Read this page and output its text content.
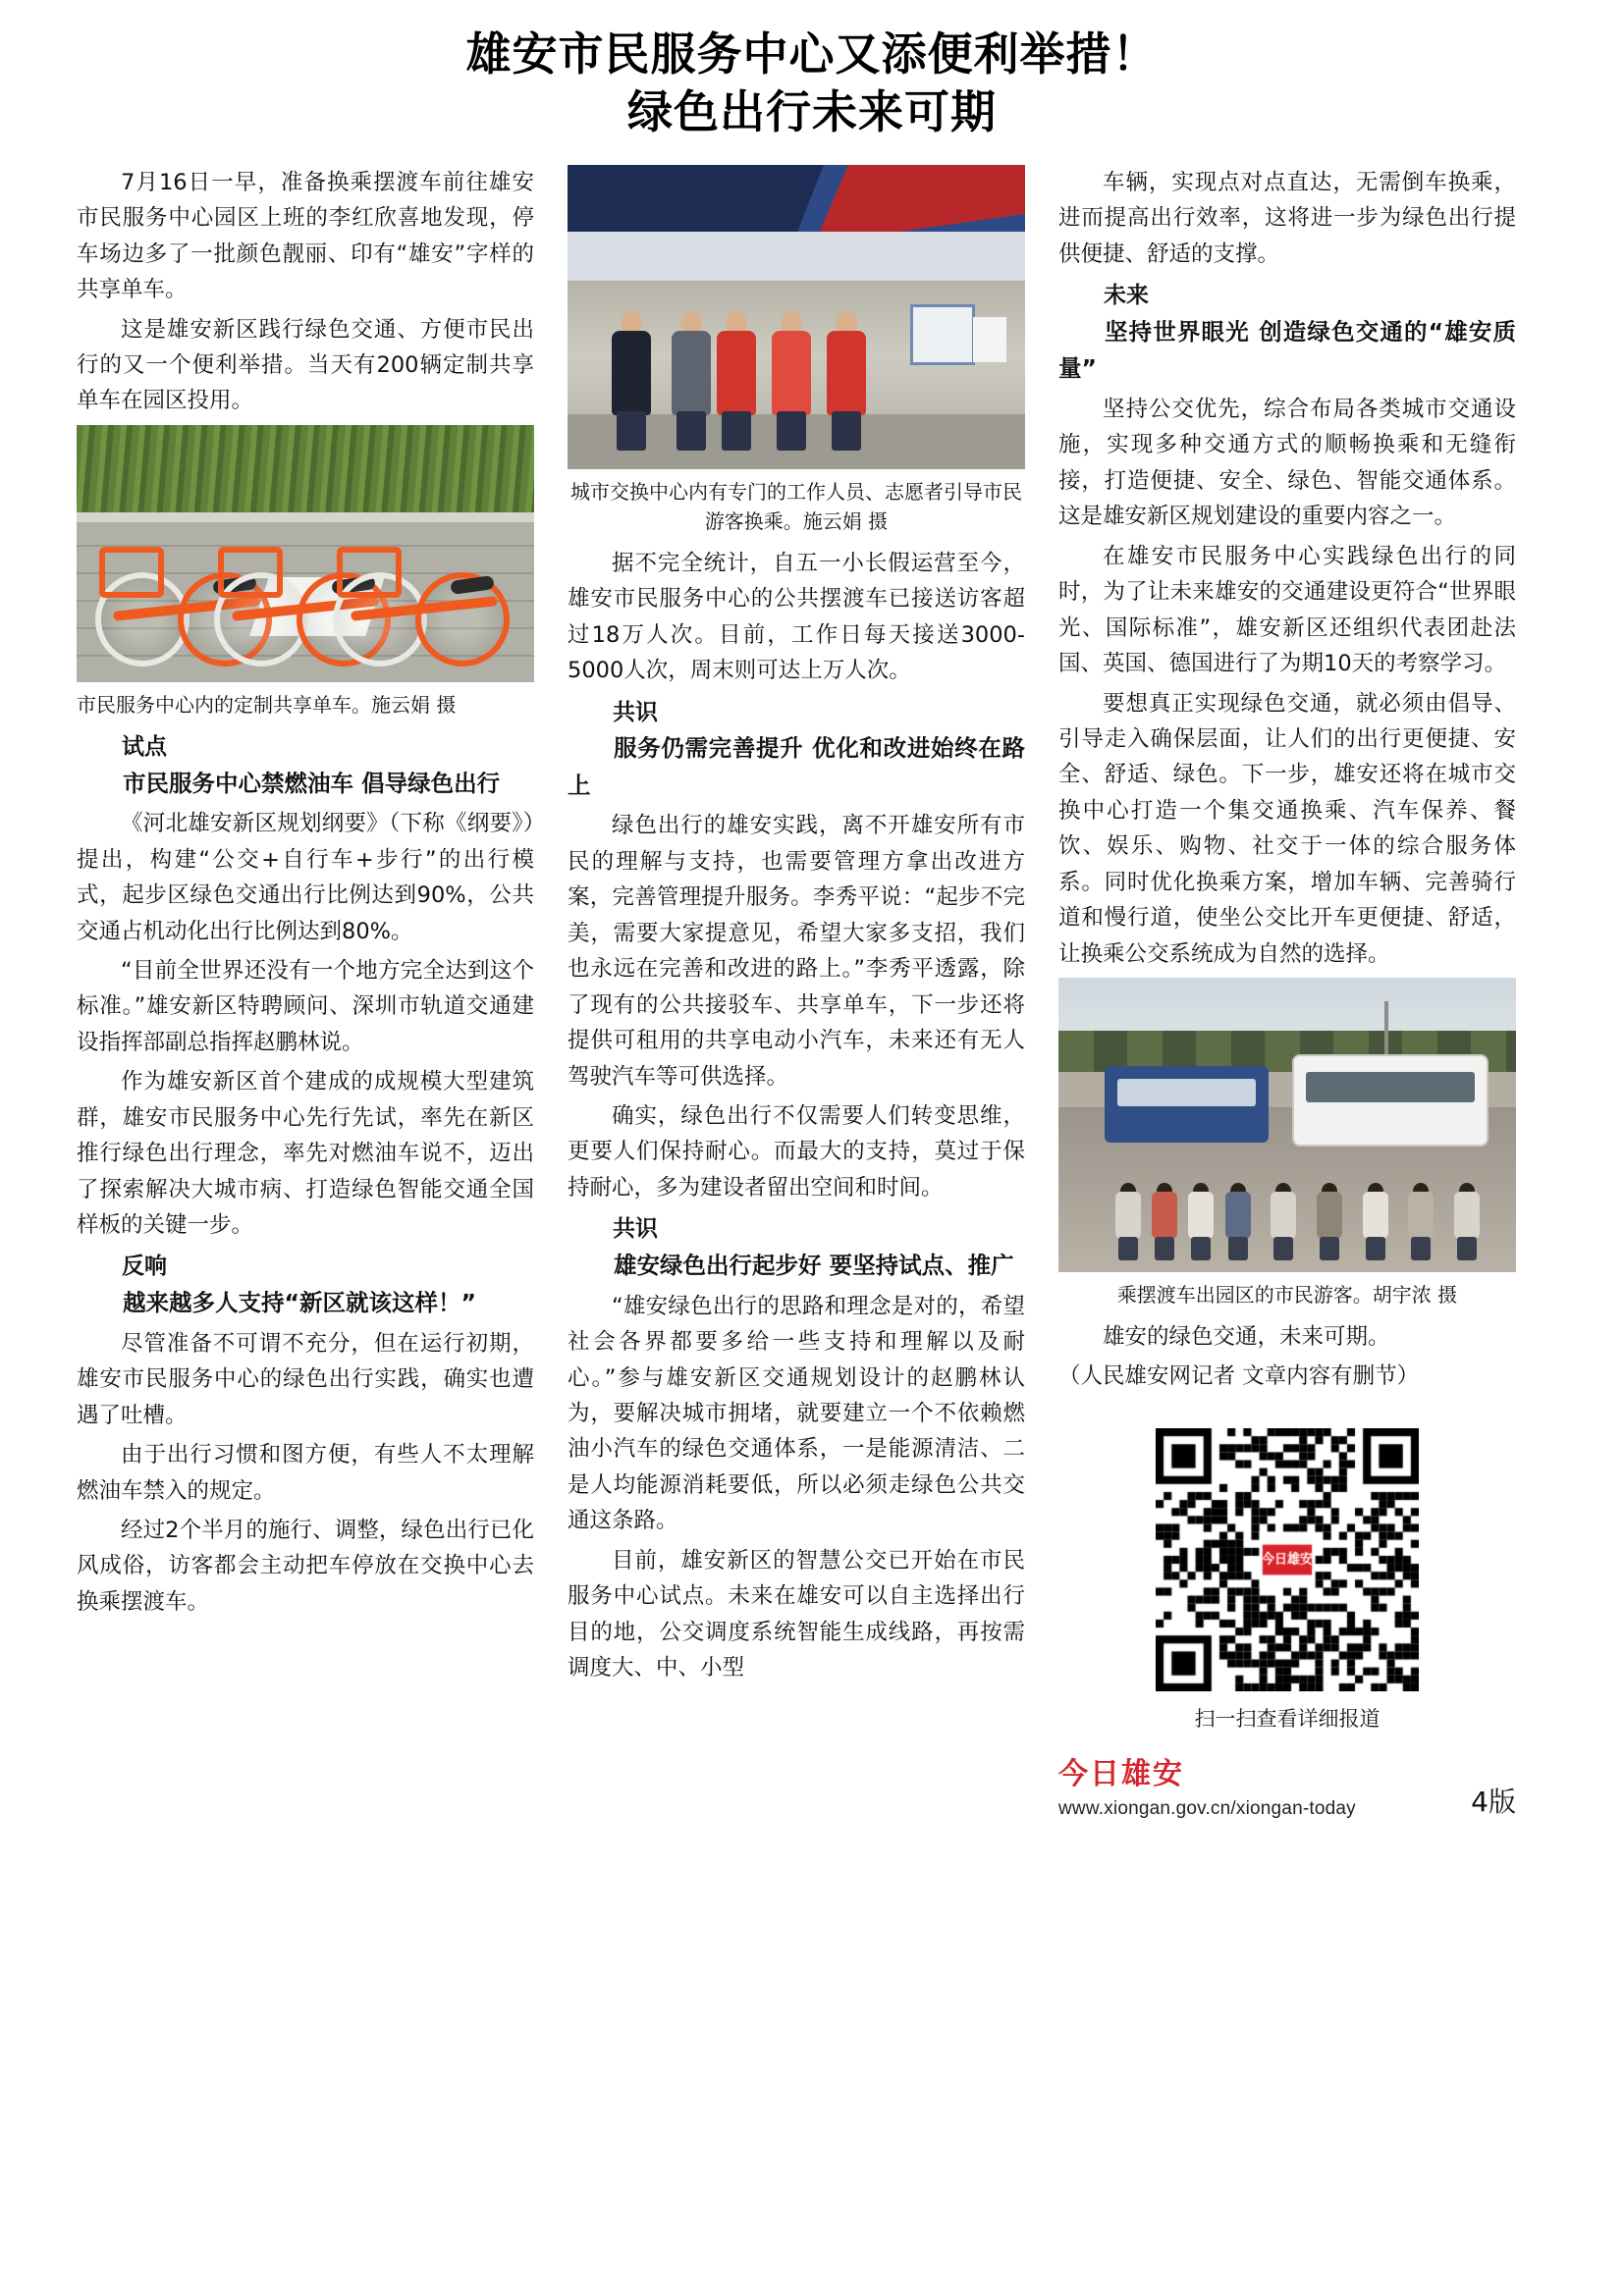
雄安市民服务中心又添便利举措！
绿色出行未来可期

7月16日一早，准备换乘摆渡车前往雄安市民服务中心园区上班的李红欣喜地发现，停车场边多了一批颜色靓丽、印有“雄安”字样的共享单车。

这是雄安新区践行绿色交通、方便市民出行的又一个便利举措。当天有200辆定制共享单车在园区投用。

市民服务中心内的定制共享单车。施云娟 摄
试点
市民服务中心禁燃油车 倡导绿色出行

《河北雄安新区规划纲要》（下称《纲要》）提出，构建“公交+自行车+步行”的出行模式，起步区绿色交通出行比例达到90%，公共交通占机动化出行比例达到80%。

“目前全世界还没有一个地方完全达到这个标准。”雄安新区特聘顾问、深圳市轨道交通建设指挥部副总指挥赵鹏林说。

作为雄安新区首个建成的成规模大型建筑群，雄安市民服务中心先行先试，率先在新区推行绿色出行理念，率先对燃油车说不，迈出了探索解决大城市病、打造绿色智能交通全国样板的关键一步。

反响
越来越多人支持“新区就该这样！”

尽管准备不可谓不充分，但在运行初期，雄安市民服务中心的绿色出行实践，确实也遭遇了吐槽。

由于出行习惯和图方便，有些人不太理解燃油车禁入的规定。

经过2个半月的施行、调整，绿色出行已化风成俗，访客都会主动把车停放在交换中心去换乘摆渡车。

城市交换中心内有专门的工作人员、志愿者引导市民游客换乘。施云娟 摄

据不完全统计，自五一小长假运营至今，雄安市民服务中心的公共摆渡车已接送访客超过18万人次。目前，工作日每天接送3000-5000人次，周末则可达上万人次。

共识
服务仍需完善提升 优化和改进始终在路上

绿色出行的雄安实践，离不开雄安所有市民的理解与支持，也需要管理方拿出改进方案，完善管理提升服务。李秀平说：“起步不完美，需要大家提意见，希望大家多支招，我们也永远在完善和改进的路上。”李秀平透露，除了现有的公共接驳车、共享单车，下一步还将提供可租用的共享电动小汽车，未来还有无人驾驶汽车等可供选择。

确实，绿色出行不仅需要人们转变思维，更要人们保持耐心。而最大的支持，莫过于保持耐心，多为建设者留出空间和时间。

共识
雄安绿色出行起步好 要坚持试点、推广

“雄安绿色出行的思路和理念是对的，希望社会各界都要多给一些支持和理解以及耐心。”参与雄安新区交通规划设计的赵鹏林认为，要解决城市拥堵，就要建立一个不依赖燃油小汽车的绿色交通体系，一是能源清洁、二是人均能源消耗要低，所以必须走绿色公共交通这条路。

目前，雄安新区的智慧公交已开始在市民服务中心试点。未来在雄安可以自主选择出行目的地，公交调度系统智能生成线路，再按需调度大、中、小型

车辆，实现点对点直达，无需倒车换乘，进而提高出行效率，这将进一步为绿色出行提供便捷、舒适的支撑。

未来
坚持世界眼光 创造绿色交通的“雄安质量”

坚持公交优先，综合布局各类城市交通设施，实现多种交通方式的顺畅换乘和无缝衔接，打造便捷、安全、绿色、智能交通体系。这是雄安新区规划建设的重要内容之一。

在雄安市民服务中心实践绿色出行的同时，为了让未来雄安的交通建设更符合“世界眼光、国际标准”，雄安新区还组织代表团赴法国、英国、德国进行了为期10天的考察学习。

要想真正实现绿色交通，就必须由倡导、引导走入确保层面，让人们的出行更便捷、安全、舒适、绿色。下一步，雄安还将在城市交换中心打造一个集交通换乘、汽车保养、餐饮、娱乐、购物、社交于一体的综合服务体系。同时优化换乘方案，增加车辆、完善骑行道和慢行道，使坐公交比开车更便捷、舒适，让换乘公交系统成为自然的选择。

乘摆渡车出园区的市民游客。胡宇浓 摄

雄安的绿色交通，未来可期。

（人民雄安网记者 文章内容有删节）

扫一扫查看详细报道
今日雄安
www.xiongan.gov.cn/xiongan-today	4版
